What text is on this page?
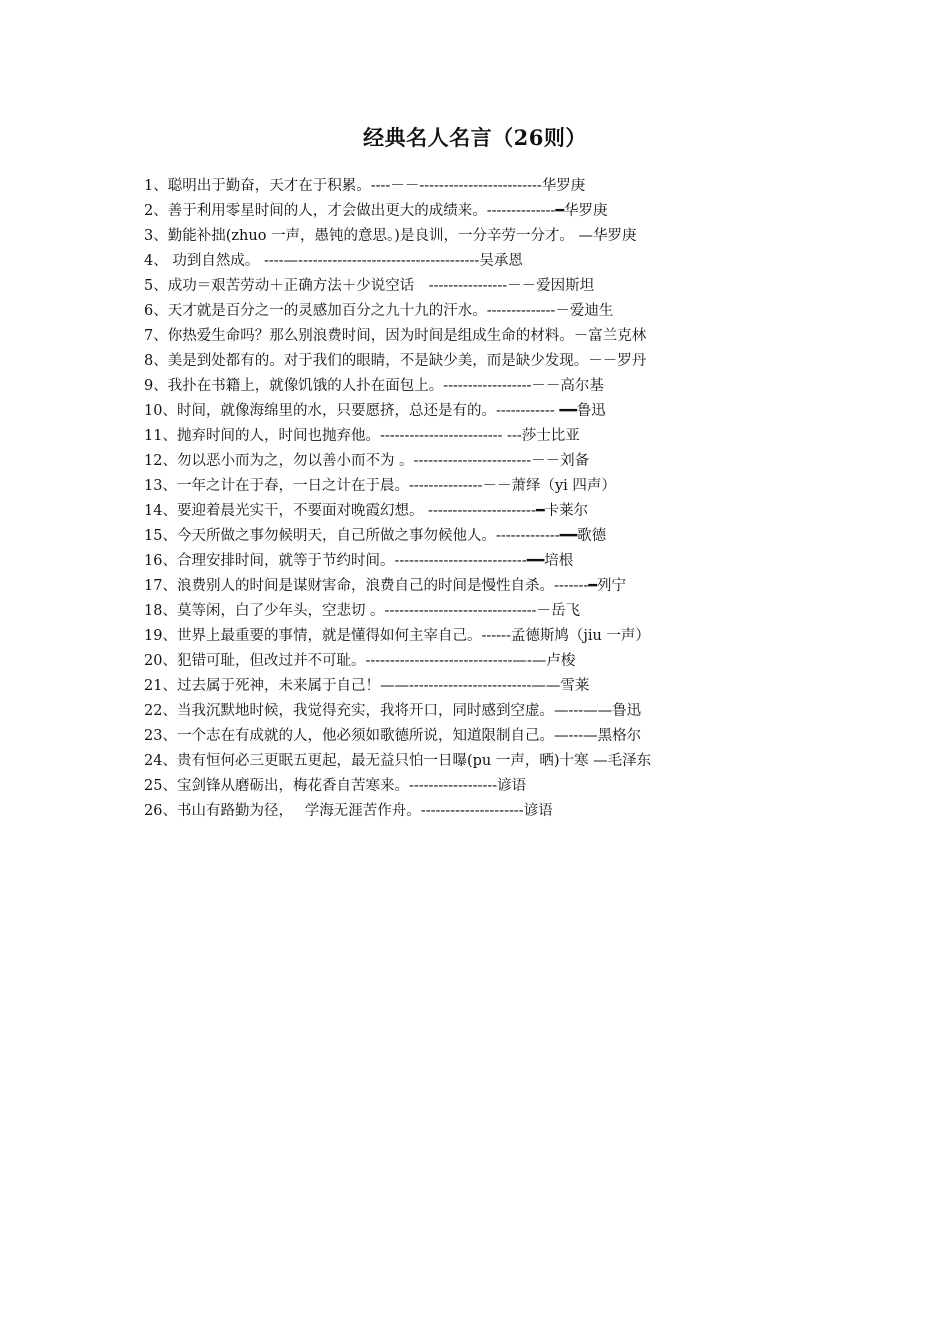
经典名人名言（26则）
1、聪明出于勤奋，天才在于积累。----－－-------------------------华罗庚
2、善于利用零星时间的人，才会做出更大的成绩来。--------------━华罗庚
3、勤能补拙(zhuo 一声，愚钝的意思。)是良训，一分辛劳一分才。 —华罗庚
4、 功到自然成。 ----—-------------------------------------吴承恩
5、成功＝艰苦劳动＋正确方法＋少说空话　----------------－－爱因斯坦
6、天才就是百分之一的灵感加百分之九十九的汗水。--------------－爱迪生
7、你热爱生命吗？那么别浪费时间，因为时间是组成生命的材料。－富兰克林
8、美是到处都有的。对于我们的眼睛，不是缺少美，而是缺少发现。－－罗丹
9、我扑在书籍上，就像饥饿的人扑在面包上。------------------－－高尔基
10、时间，就像海绵里的水，只要愿挤，总还是有的。------------ ━━鲁迅
11、抛弃时间的人，时间也抛弃他。------------------------- ---莎士比亚
12、勿以恶小而为之，勿以善小而不为 。------------------------－－刘备
13、一年之计在于春，一日之计在于晨。---------------－－萧绎（yi 四声）
14、要迎着晨光实干，不要面对晚霞幻想。 ----------------------━卡莱尔
15、今天所做之事勿候明天，自己所做之事勿候他人。-------------━━歌德
16、合理安排时间，就等于节约时间。---------------------------━━培根
17、浪费别人的时间是谋财害命，浪费自己的时间是慢性自杀。-------━列宁
18、莫等闲，白了少年头，空悲切 。-------------------------------－岳飞
19、世界上最重要的事情，就是懂得如何主宰自己。------孟德斯鸠（jiu 一声）
20、犯错可耻，但改过并不可耻。------------------------------—-—卢梭
21、过去属于死神，未来属于自己！——-------------------------——雪莱
22、当我沉默地时候，我觉得充实，我将开口，同时感到空虚。—---——鲁迅
23、一个志在有成就的人，他必须如歌德所说，知道限制自己。—---—黑格尔
24、贵有恒何必三更眠五更起，最无益只怕一日曝(pu 一声，晒)十寒 —毛泽东
25、宝剑锋从磨砺出，梅花香自苦寒来。------------------谚语
26、书山有路勤为径，　 学海无涯苦作舟。---------------------谚语
